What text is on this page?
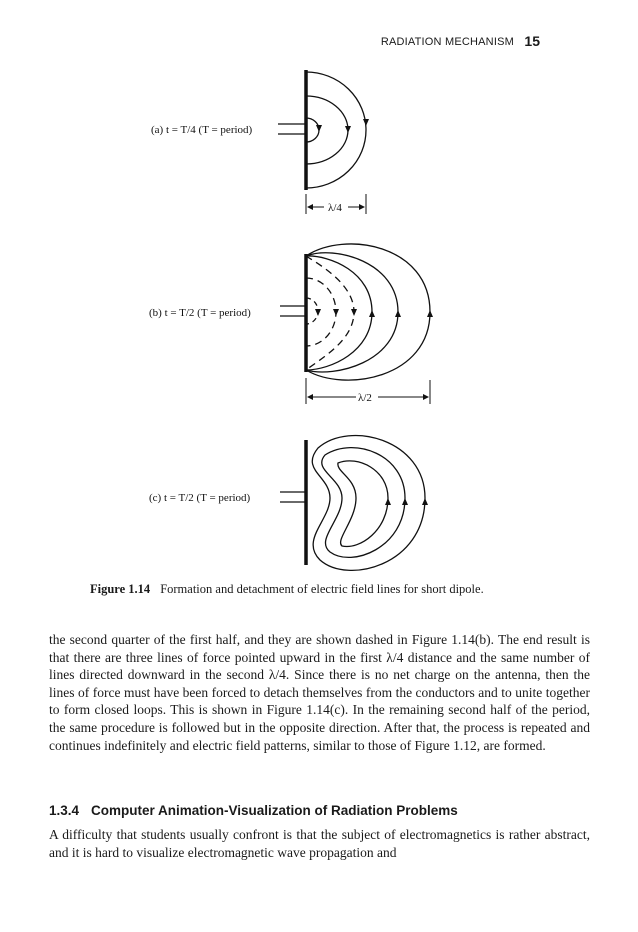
RADIATION MECHANISM 15
(a) t = T/4 (T = period)
λ/4
(b) t = T/2 (T = period)
λ/2
(c) t = T/2 (T = period)
Figure 1.14 Formation and detachment of electric field lines for short dipole.

the second quarter of the first half, and they are shown dashed in Figure 1.14(b). The end result is that there are three lines of force pointed upward in the first λ/4 distance and the same number of lines directed downward in the second λ/4. Since there is no net charge on the antenna, then the lines of force must have been forced to detach themselves from the conductors and to unite together to form closed loops. This is shown in Figure 1.14(c). In the remaining second half of the period, the same procedure is followed but in the opposite direction. After that, the process is repeated and continues indefinitely and electric field patterns, similar to those of Figure 1.12, are formed.

1.3.4 Computer Animation-Visualization of Radiation Problems

A difficulty that students usually confront is that the subject of electromagnetics is rather abstract, and it is hard to visualize electromagnetic wave propagation and
